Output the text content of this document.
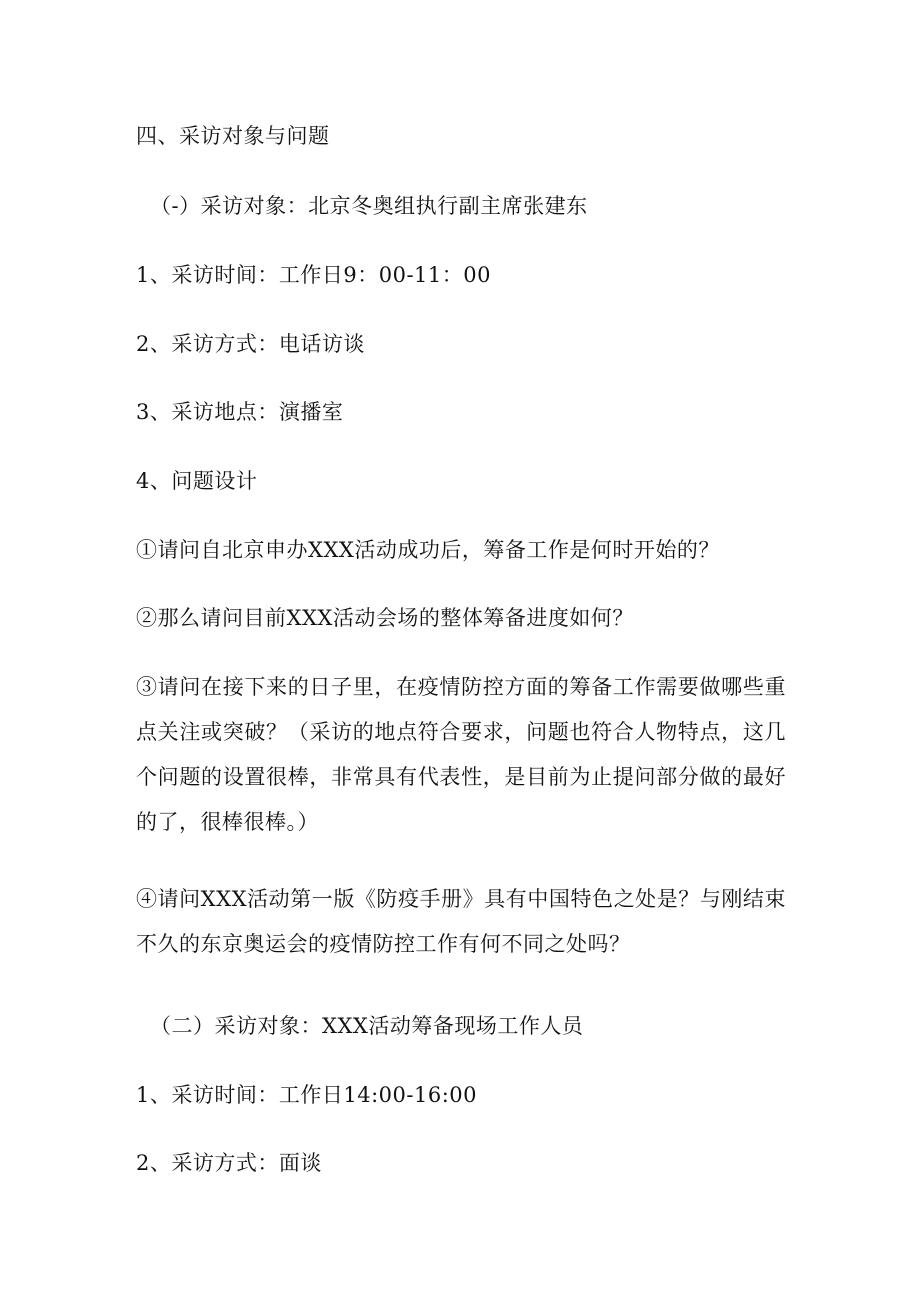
四、采访对象与问题
（-）采访对象：北京冬奥组执行副主席张建东
1、采访时间：工作日9：00-11：00
2、采访方式：电话访谈
3、采访地点：演播室
4、问题设计
①请问自北京申办XXX活动成功后，筹备工作是何时开始的？
②那么请问目前XXX活动会场的整体筹备进度如何？
③请问在接下来的日子里，在疫情防控方面的筹备工作需要做哪些重点关注或突破？（采访的地点符合要求，问题也符合人物特点，这几个问题的设置很棒，非常具有代表性，是目前为止提问部分做的最好的了，很棒很棒。）
④请问XXX活动第一版《防疫手册》具有中国特色之处是？与刚结束不久的东京奥运会的疫情防控工作有何不同之处吗？
（二）采访对象：XXX活动筹备现场工作人员
1、采访时间：工作日14:00-16:00
2、采访方式：面谈
